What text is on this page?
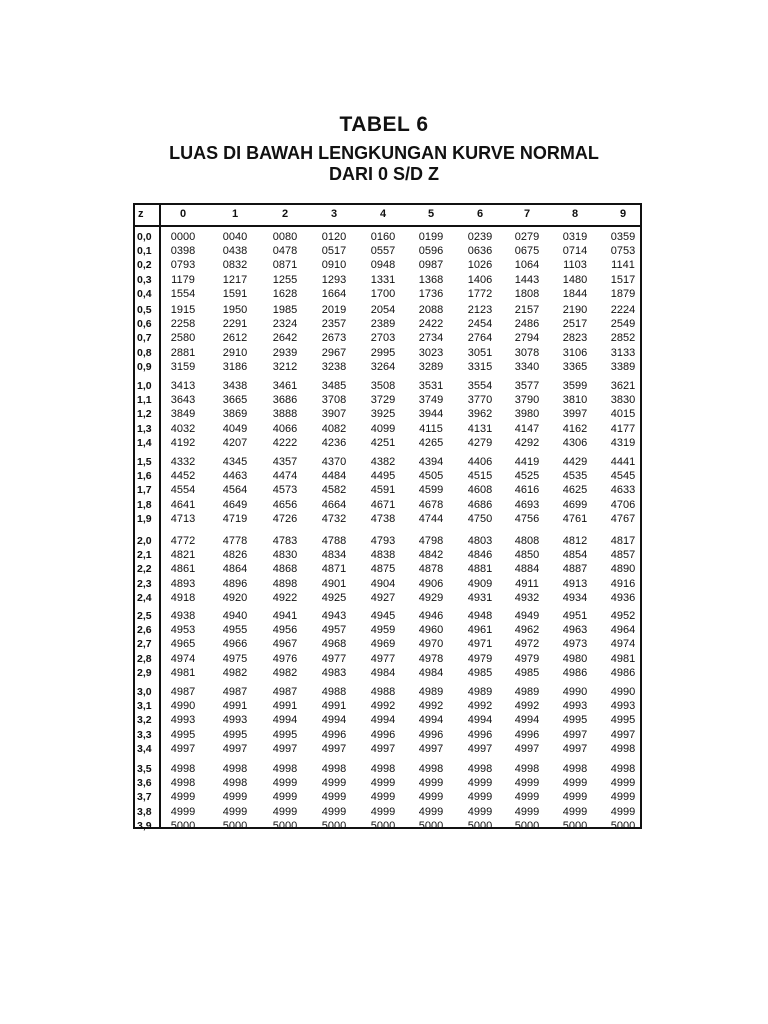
TABEL 6
LUAS DI BAWAH LENGKUNGAN KURVE NORMAL
DARI 0 S/D Z
z	0	1	2	3	4	5	6	7	8	9
0,0	0000	0040	0080	0120	0160	0199	0239	0279	0319	0359
0,1	0398	0438	0478	0517	0557	0596	0636	0675	0714	0753
0,2	0793	0832	0871	0910	0948	0987	1026	1064	1103	1141
0,3	1179	1217	1255	1293	1331	1368	1406	1443	1480	1517
0,4	1554	1591	1628	1664	1700	1736	1772	1808	1844	1879
0,5	1915	1950	1985	2019	2054	2088	2123	2157	2190	2224
0,6	2258	2291	2324	2357	2389	2422	2454	2486	2517	2549
0,7	2580	2612	2642	2673	2703	2734	2764	2794	2823	2852
0,8	2881	2910	2939	2967	2995	3023	3051	3078	3106	3133
0,9	3159	3186	3212	3238	3264	3289	3315	3340	3365	3389
1,0	3413	3438	3461	3485	3508	3531	3554	3577	3599	3621
1,1	3643	3665	3686	3708	3729	3749	3770	3790	3810	3830
1,2	3849	3869	3888	3907	3925	3944	3962	3980	3997	4015
1,3	4032	4049	4066	4082	4099	4115	4131	4147	4162	4177
1,4	4192	4207	4222	4236	4251	4265	4279	4292	4306	4319
1,5	4332	4345	4357	4370	4382	4394	4406	4419	4429	4441
1,6	4452	4463	4474	4484	4495	4505	4515	4525	4535	4545
1,7	4554	4564	4573	4582	4591	4599	4608	4616	4625	4633
1,8	4641	4649	4656	4664	4671	4678	4686	4693	4699	4706
1,9	4713	4719	4726	4732	4738	4744	4750	4756	4761	4767
2,0	4772	4778	4783	4788	4793	4798	4803	4808	4812	4817
2,1	4821	4826	4830	4834	4838	4842	4846	4850	4854	4857
2,2	4861	4864	4868	4871	4875	4878	4881	4884	4887	4890
2,3	4893	4896	4898	4901	4904	4906	4909	4911	4913	4916
2,4	4918	4920	4922	4925	4927	4929	4931	4932	4934	4936
2,5	4938	4940	4941	4943	4945	4946	4948	4949	4951	4952
2,6	4953	4955	4956	4957	4959	4960	4961	4962	4963	4964
2,7	4965	4966	4967	4968	4969	4970	4971	4972	4973	4974
2,8	4974	4975	4976	4977	4977	4978	4979	4979	4980	4981
2,9	4981	4982	4982	4983	4984	4984	4985	4985	4986	4986
3,0	4987	4987	4987	4988	4988	4989	4989	4989	4990	4990
3,1	4990	4991	4991	4991	4992	4992	4992	4992	4993	4993
3,2	4993	4993	4994	4994	4994	4994	4994	4994	4995	4995
3,3	4995	4995	4995	4996	4996	4996	4996	4996	4997	4997
3,4	4997	4997	4997	4997	4997	4997	4997	4997	4997	4998
3,5	4998	4998	4998	4998	4998	4998	4998	4998	4998	4998
3,6	4998	4998	4999	4999	4999	4999	4999	4999	4999	4999
3,7	4999	4999	4999	4999	4999	4999	4999	4999	4999	4999
3,8	4999	4999	4999	4999	4999	4999	4999	4999	4999	4999
3,9	5000	5000	5000	5000	5000	5000	5000	5000	5000	5000
